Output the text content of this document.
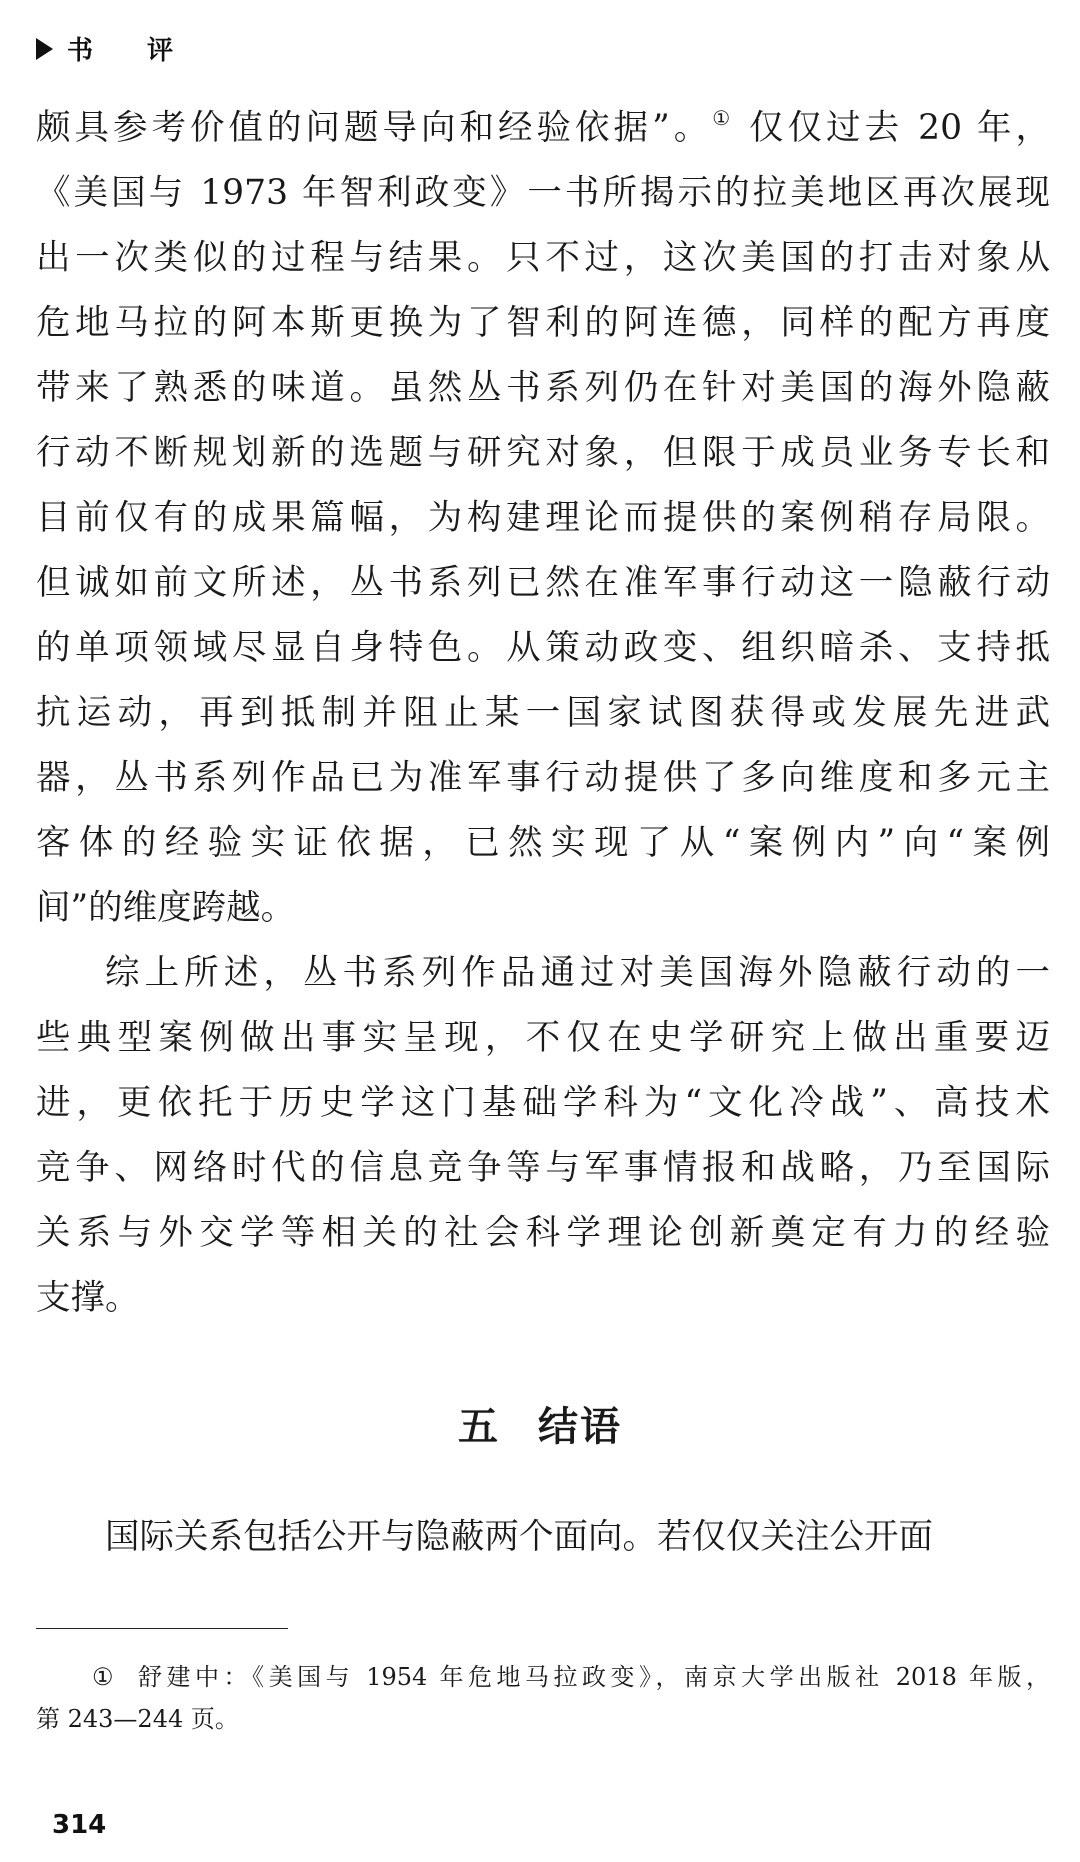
书 评

颇具参考价值的问题导向和经验依据”。① 仅仅过去 20 年，
《美国与 1973 年智利政变》一书所揭示的拉美地区再次展现
出一次类似的过程与结果。只不过，这次美国的打击对象从
危地马拉的阿本斯更换为了智利的阿连德，同样的配方再度
带来了熟悉的味道。虽然丛书系列仍在针对美国的海外隐蔽
行动不断规划新的选题与研究对象，但限于成员业务专长和
目前仅有的成果篇幅，为构建理论而提供的案例稍存局限。
但诚如前文所述，丛书系列已然在准军事行动这一隐蔽行动
的单项领域尽显自身特色。从策动政变、组织暗杀、支持抵
抗运动，再到抵制并阻止某一国家试图获得或发展先进武
器，丛书系列作品已为准军事行动提供了多向维度和多元主
客体的经验实证依据，已然实现了从“案例内”向“案例
间”的维度跨越。

综上所述，丛书系列作品通过对美国海外隐蔽行动的一
些典型案例做出事实呈现，不仅在史学研究上做出重要迈
进，更依托于历史学这门基础学科为“文化冷战”、高技术
竞争、网络时代的信息竞争等与军事情报和战略，乃至国际
关系与外交学等相关的社会科学理论创新奠定有力的经验
支撑。

五 结语
国际关系包括公开与隐蔽两个面向。若仅仅关注公开面
① 舒建中：《美国与 1954 年危地马拉政变》，南京大学出版社 2018 年版，
第 243—244 页。
314
